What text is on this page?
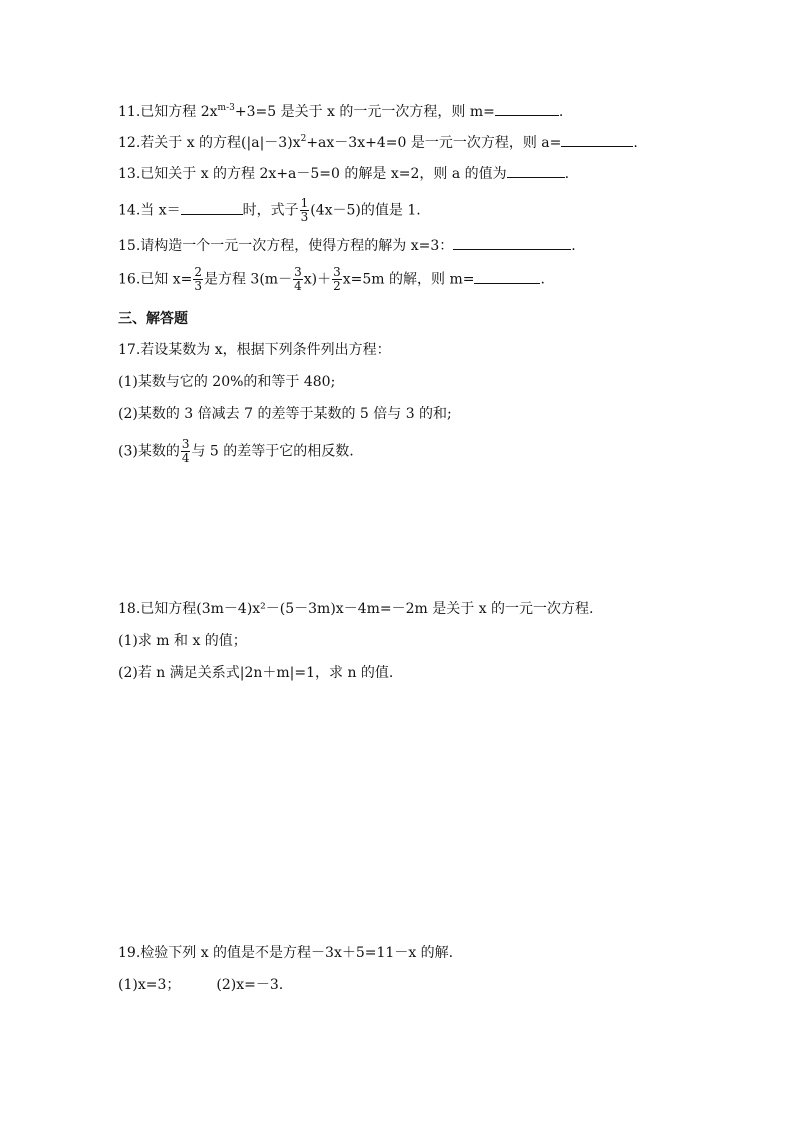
11.已知方程 $2x^{m-3}+3=5$ 是关于 x 的一元一次方程，则 m=	.
12.若关于 x 的方程$(|a|-3)x^2+ax-3x+4=0$ 是一元一次方程，则 a=	.
13.已知关于 x 的方程 2x+a－5=0 的解是 x=2，则 a 的值为	.
14.当 x＝	时，式子 $\frac{1}{3} (4x-5)$的值是 1.
15.请构造一个一元一次方程，使得方程的解为 x=3：	.
16.已知 $x= \frac{2}{3}$ 是方程 $3(m- \frac{3}{4} x)+ \frac{3}{2} x=5m$ 的解，则 m=	.
三、解答题
17.若设某数为 x，根据下列条件列出方程：
(1)某数与它的 20%的和等于 480;
(2)某数的 3 倍减去 7 的差等于某数的 5 倍与 3 的和;
(3)某数的 $\frac{3}{4}$ 与 5 的差等于它的相反数.
18.已知方程(3m－4)x²－(5－3m)x－4m=－2m 是关于 x 的一元一次方程.
(1)求 m 和 x 的值；
(2)若 n 满足关系式|2n＋m|=1，求 n 的值.
19.检验下列 x 的值是不是方程－3x＋5=11－x 的解.
(1)x=3；	(2)x=－3.
